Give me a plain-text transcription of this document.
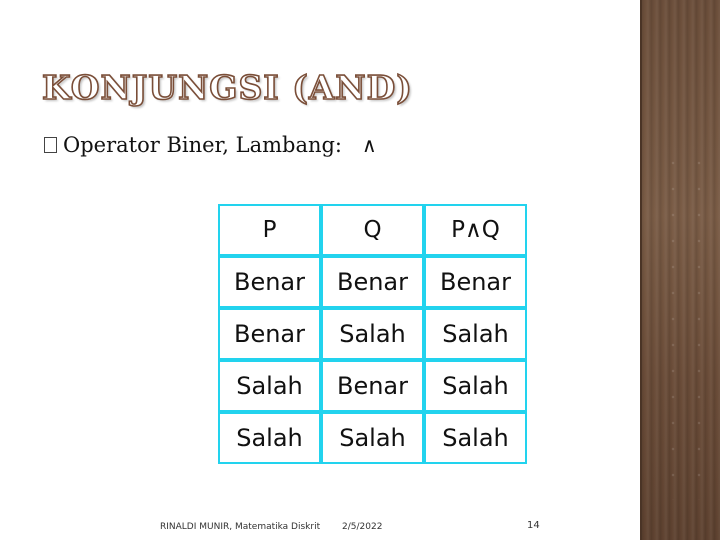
KONJUNGSI (AND)
Operator Biner, Lambang: ∧
P	Q	P∧Q
Benar	Benar	Benar
Benar	Salah	Salah
Salah	Benar	Salah
Salah	Salah	Salah
RINALDI MUNIR, Matematika Diskrit 2/5/2022	14
